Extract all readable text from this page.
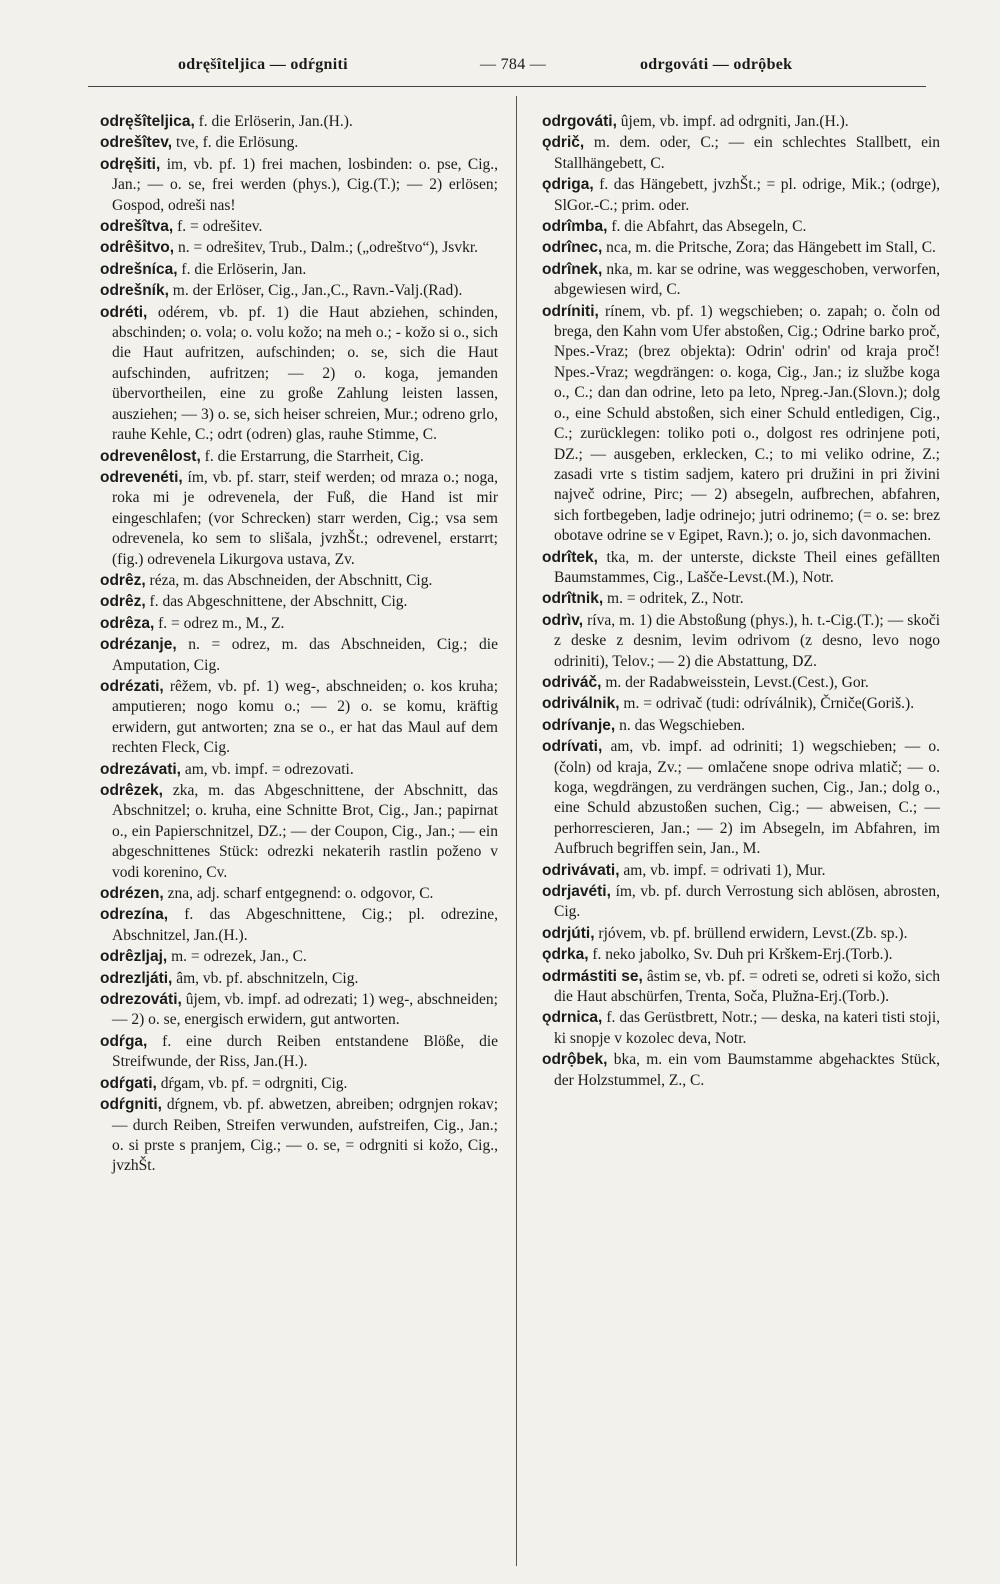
odręšîteljica — odŕgniti	— 784 —	odrgováti — odrộbek

odręšîteljica, f. die Erlöserin, Jan.(H.).

odrešîtev, tve, f. die Erlösung.

odręšiti, im, vb. pf. 1) frei machen, losbinden: o. pse, Cig., Jan.; — o. se, frei werden (phys.), Cig.(T.); — 2) erlösen; Gospod, odreši nas!

odrešîtva, f. = odrešitev.

odrêšitvo, n. = odrešitev, Trub., Dalm.; („odreštvo“), Jsvkr.

odrešníca, f. die Erlöserin, Jan.

odrešník, m. der Erlöser, Cig., Jan.,C., Ravn.-Valj.(Rad).

odréti, odérem, vb. pf. 1) die Haut abziehen, schinden, abschinden; o. vola; o. volu kožo; na meh o.; - kožo si o., sich die Haut aufritzen, aufschinden; o. se, sich die Haut aufschinden, aufritzen; — 2) o. koga, jemanden übervortheilen, eine zu große Zahlung leisten lassen, ausziehen; — 3) o. se, sich heiser schreien, Mur.; odreno grlo, rauhe Kehle, C.; odrt (odren) glas, rauhe Stimme, C.

odrevenêlost, f. die Erstarrung, die Starrheit, Cig.

odrevenéti, ím, vb. pf. starr, steif werden; od mraza o.; noga, roka mi je odrevenela, der Fuß, die Hand ist mir eingeschlafen; (vor Schrecken) starr werden, Cig.; vsa sem odrevenela, ko sem to slišala, jvzhŠt.; odrevenel, erstarrt; (fig.) odrevenela Likurgova ustava, Zv.

odrêz, réza, m. das Abschneiden, der Abschnitt, Cig.

odrêz, f. das Abgeschnittene, der Abschnitt, Cig.

odrêza, f. = odrez m., M., Z.

odrézanje, n. = odrez, m. das Abschneiden, Cig.; die Amputation, Cig.

odrézati, rêžem, vb. pf. 1) weg-, abschneiden; o. kos kruha; amputieren; nogo komu o.; — 2) o. se komu, kräftig erwidern, gut antworten; zna se o., er hat das Maul auf dem rechten Fleck, Cig.

odrezávati, am, vb. impf. = odrezovati.

odrêzek, zka, m. das Abgeschnittene, der Abschnitt, das Abschnitzel; o. kruha, eine Schnitte Brot, Cig., Jan.; papirnat o., ein Papierschnitzel, DZ.; — der Coupon, Cig., Jan.; — ein abgeschnittenes Stück: odrezki nekaterih rastlin poženo v vodi korenino, Cv.

odrézen, zna, adj. scharf entgegnend: o. odgovor, C.

odrezína, f. das Abgeschnittene, Cig.; pl. odrezine, Abschnitzel, Jan.(H.).

odrêzljaj, m. = odrezek, Jan., C.

odrezljáti, âm, vb. pf. abschnitzeln, Cig.

odrezováti, ûjem, vb. impf. ad odrezati; 1) weg-, abschneiden; — 2) o. se, energisch erwidern, gut antworten.

odŕga, f. eine durch Reiben entstandene Blöße, die Streifwunde, der Riss, Jan.(H.).

odŕgati, dŕgam, vb. pf. = odrgniti, Cig.

odŕgniti, dŕgnem, vb. pf. abwetzen, abreiben; odrgnjen rokav; — durch Reiben, Streifen verwunden, aufstreifen, Cig., Jan.; o. si prste s pranjem, Cig.; — o. se, = odrgniti si kožo, Cig., jvzhŠt.

odrgováti, ûjem, vb. impf. ad odrgniti, Jan.(H.).

ǫdrič, m. dem. oder, C.; — ein schlechtes Stallbett, ein Stallhängebett, C.

ǫdriga, f. das Hängebett, jvzhŠt.; = pl. odrige, Mik.; (odrge), SlGor.-C.; prim. oder.

odrîmba, f. die Abfahrt, das Absegeln, C.

odrînec, nca, m. die Pritsche, Zora; das Hängebett im Stall, C.

odrînek, nka, m. kar se odrine, was weggeschoben, verworfen, abgewiesen wird, C.

odríniti, rínem, vb. pf. 1) wegschieben; o. zapah; o. čoln od brega, den Kahn vom Ufer abstoßen, Cig.; Odrine barko proč, Npes.-Vraz; (brez objekta): Odrin' odrin' od kraja proč! Npes.-Vraz; wegdrängen: o. koga, Cig., Jan.; iz službe koga o., C.; dan dan odrine, leto pa leto, Npreg.-Jan.(Slovn.); dolg o., eine Schuld abstoßen, sich einer Schuld entledigen, Cig., C.; zurücklegen: toliko poti o., dolgost res odrinjene poti, DZ.; — ausgeben, erklecken, C.; to mi veliko odrine, Z.; zasadi vrte s tistim sadjem, katero pri družini in pri živini največ odrine, Pirc; — 2) absegeln, aufbrechen, abfahren, sich fortbegeben, ladje odrinejo; jutri odrinemo; (= o. se: brez obotave odrine se v Egipet, Ravn.); o. jo, sich davonmachen.

odrîtek, tka, m. der unterste, dickste Theil eines gefällten Baumstammes, Cig., Lašče-Levst.(M.), Notr.

odrîtnik, m. = odritek, Z., Notr.

odrìv, ríva, m. 1) die Abstoßung (phys.), h. t.-Cig.(T.); — skoči z deske z desnim, levim odrivom (z desno, levo nogo odriniti), Telov.; — 2) die Abstattung, DZ.

odriváč, m. der Radabweisstein, Levst.(Cest.), Gor.

odriválnik, m. = odrivač (tudi: odríválnik), Črniče(Goriš.).

odrívanje, n. das Wegschieben.

odrívati, am, vb. impf. ad odriniti; 1) wegschieben; — o. (čoln) od kraja, Zv.; — omlačene snope odriva mlatič; — o. koga, wegdrängen, zu verdrängen suchen, Cig., Jan.; dolg o., eine Schuld abzustoßen suchen, Cig.; — abweisen, C.; — perhorrescieren, Jan.; — 2) im Absegeln, im Abfahren, im Aufbruch begriffen sein, Jan., M.

odrivávati, am, vb. impf. = odrivati 1), Mur.

odrjavéti, ím, vb. pf. durch Verrostung sich ablösen, abrosten, Cig.

odrjúti, rjóvem, vb. pf. brüllend erwidern, Levst.(Zb. sp.).

ǫdrka, f. neko jabolko, Sv. Duh pri Krškem-Erj.(Torb.).

odrmástiti se, âstim se, vb. pf. = odreti se, odreti si kožo, sich die Haut abschürfen, Trenta, Soča, Plužna-Erj.(Torb.).

ǫdrnica, f. das Gerüstbrett, Notr.; — deska, na kateri tisti stoji, ki snopje v kozolec deva, Notr.

odrộbek, bka, m. ein vom Baumstamme abgehacktes Stück, der Holzstummel, Z., C.
